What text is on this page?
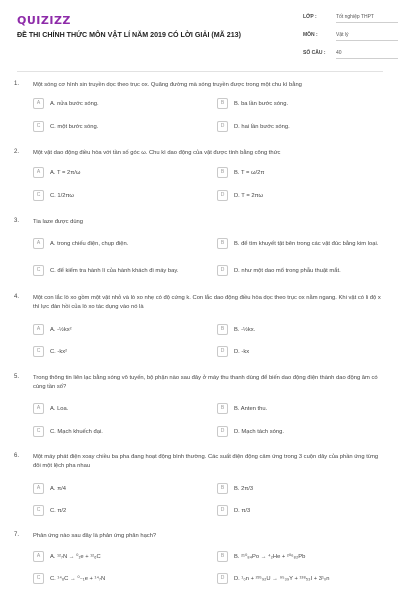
QUIZIZZ
ĐỀ THI CHÍNH THỨC MÔN VẬT LÍ NĂM 2019 CÓ LỜI GIẢI (MÃ 213)
LỚP :	Tốt nghiệp THPT
MÔN :	Vật lý
SỐ CÂU :	40
1. Một sóng cơ hình sin truyền dọc theo trục ox. Quãng đường mà sóng truyền được trong một chu kì bằng
A	A. nửa bước sóng.	B	B. ba lần bước sóng.
C	C. một bước sóng.	D	D. hai lần bước sóng.
2. Một vật dao động điều hòa với tần số góc ω. Chu kì dao động của vật được tính bằng công thức
A	A. T = 2π/ω	B	B. T = ω/2π
C	C. 1/2πω	D	D. T = 2πω
3. Tia laze được dùng
A	A. trong chiếu điện, chụp điện.	B	B. để tìm khuyết tật bên trong các vật đúc bằng kim loại.
C	C. để kiểm tra hành lí của hành khách đi máy bay.	D	D. như một dao mổ trong phẫu thuật mắt.
4. Một con lắc lò xo gồm một vật nhỏ và lò xo nhẹ có độ cứng k. Con lắc dao động điều hòa dọc theo trục ox nằm ngang. Khi vật có li độ x thì lực đàn hồi của lò xo tác dụng vào nó là
A	A. -½kx²	B	B. -½kx.
C	C. -kx²	D	D. -kx
5. Trong thông tin liên lạc bằng sóng vô tuyến, bộ phận nào sau đây ở máy thu thanh dùng để biến dao động điện thành dao động âm có cùng tần số?
A	A. Loa.	B	B. Anten thu.
C	C. Mạch khuếch đại.	D	D. Mạch tách sóng.
6. Một máy phát điện xoay chiều ba pha đang hoạt động bình thường. Các suất điện động cảm ứng trong 3 cuộn dây của phần ứng từng đôi một lệch pha nhau
A	A. π/4	B	B. 2π/3
C	C. π/2	D	D. π/3
7. Phản ứng nào sau đây là phản ứng phân hạch?
A	A. ¹²₇N → ⁰₁e + ¹²₆C	B	B. ²¹⁰₈₄Po → ⁴₂He + ²⁰⁶₈₂Pb
C	C. ¹⁴₆C → ⁰₋₁e + ¹⁴₇N	D	D. ¹₀n + ²³⁵₉₂U → ⁹⁵₃₉Y + ¹³⁸₅₃I + 3¹₀n
